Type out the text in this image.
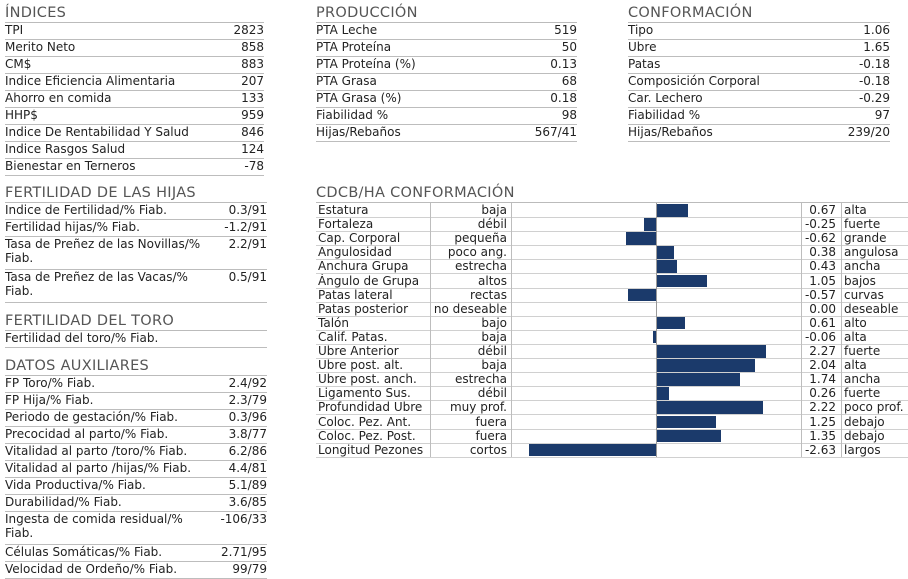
ÍNDICES
TPI	2823
Merito Neto	858
CM$	883
Indice Eficiencia Alimentaria	207
Ahorro en comida	133
HHP$	959
Indice De Rentabilidad Y Salud	846
Indice Rasgos Salud	124
Bienestar en Terneros	-78
PRODUCCIÓN
PTA Leche	519
PTA Proteína	50
PTA Proteína (%)	0.13
PTA Grasa	68
PTA Grasa (%)	0.18
Fiabilidad %	98
Hijas/Rebaños	567/41
CONFORMACIÓN
Tipo	1.06
Ubre	1.65
Patas	-0.18
Composición Corporal	-0.18
Car. Lechero	-0.29
Fiabilidad %	97
Hijas/Rebaños	239/20
FERTILIDAD DE LAS HIJAS
Indice de Fertilidad/% Fiab.	0.3/91
Fertilidad hijas/% Fiab.	-1.2/91
Tasa de Preñez de las Novillas/% Fiab.
2.2/91
Tasa de Preñez de las Vacas/% Fiab.
0.5/91
FERTILIDAD DEL TORO
Fertilidad del toro/% Fiab.
DATOS AUXILIARES
FP Toro/% Fiab.	2.4/92
FP Hija/% Fiab.	2.3/79
Periodo de gestación/% Fiab.	0.3/96
Precocidad al parto/% Fiab.	3.8/77
Vitalidad al parto /toro/% Fiab.	6.2/86
Vitalidad al parto /hijas/% Fiab.	4.4/81
Vida Productiva/% Fiab.	5.1/89
Durabilidad/% Fiab.	3.6/85
Ingesta de comida residual/% Fiab.
-106/33
Células Somáticas/% Fiab.	2.71/95
Velocidad de Ordeño/% Fiab.	99/79
CDCB/HA CONFORMACIÓN
Estatura	baja	0.67 alta
Fortaleza	débil	-0.25 fuerte
Cap. Corporal	pequeña	-0.62 grande
Angulosidad	poco ang.	0.38 angulosa
Anchura Grupa	estrecha	0.43 ancha
Ángulo de Grupa	altos	1.05 bajos
Patas lateral	rectas	-0.57 curvas
Patas posterior	no deseable	0.00 deseable
Talón	bajo	0.61 alto
Calif. Patas.	baja	-0.06 alta
Ubre Anterior	débil	2.27 fuerte
Ubre post. alt.	baja	2.04 alta
Ubre post. anch.	estrecha	1.74 ancha
Ligamento Sus.	débil	0.26 fuerte
Profundidad Ubre	muy prof.	2.22 poco prof.
Coloc. Pez. Ant.	fuera	1.25 debajo
Coloc. Pez. Post.	fuera	1.35 debajo
Longitud Pezones	cortos	-2.63 largos
